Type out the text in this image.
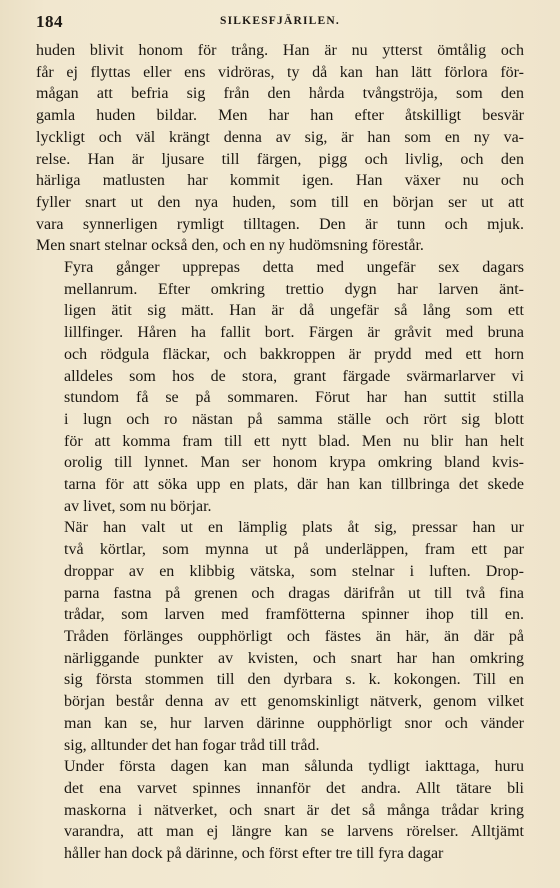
184	SILKESFJÄRILEN.

huden blivit honom för trång. Han är nu ytterst ömtålig och
får ej flyttas eller ens vidröras, ty då kan han lätt förlora för-
mågan att befria sig från den hårda tvångströja, som den
gamla huden bildar. Men har han efter åtskilligt besvär
lyckligt och väl krängt denna av sig, är han som en ny va-
relse. Han är ljusare till färgen, pigg och livlig, och den
härliga matlusten har kommit igen. Han växer nu och
fyller snart ut den nya huden, som till en början ser ut att
vara synnerligen rymligt tilltagen. Den är tunn och mjuk.
Men snart stelnar också den, och en ny hudömsning förestår.

Fyra gånger upprepas detta med ungefär sex dagars
mellanrum. Efter omkring trettio dygn har larven änt-
ligen ätit sig mätt. Han är då ungefär så lång som ett
lillfinger. Håren ha fallit bort. Färgen är gråvit med bruna
och rödgula fläckar, och bakkroppen är prydd med ett horn
alldeles som hos de stora, grant färgade svärmarlarver vi
stundom få se på sommaren. Förut har han suttit stilla
i lugn och ro nästan på samma ställe och rört sig blott
för att komma fram till ett nytt blad. Men nu blir han helt
orolig till lynnet. Man ser honom krypa omkring bland kvis-
tarna för att söka upp en plats, där han kan tillbringa det skede
av livet, som nu börjar.

När han valt ut en lämplig plats åt sig, pressar han ur
två körtlar, som mynna ut på underläppen, fram ett par
droppar av en klibbig vätska, som stelnar i luften. Drop-
parna fastna på grenen och dragas därifrån ut till två fina
trådar, som larven med framfötterna spinner ihop till en.
Tråden förlänges oupphörligt och fästes än här, än där på
närliggande punkter av kvisten, och snart har han omkring
sig första stommen till den dyrbara s. k. kokongen. Till en
början består denna av ett genomskinligt nätverk, genom vilket
man kan se, hur larven därinne oupphörligt snor och vänder
sig, alltunder det han fogar tråd till tråd.

Under första dagen kan man sålunda tydligt iakttaga, huru
det ena varvet spinnes innanför det andra. Allt tätare bli
maskorna i nätverket, och snart är det så många trådar kring
varandra, att man ej längre kan se larvens rörelser. Alltjämt
håller han dock på därinne, och först efter tre till fyra dagar
